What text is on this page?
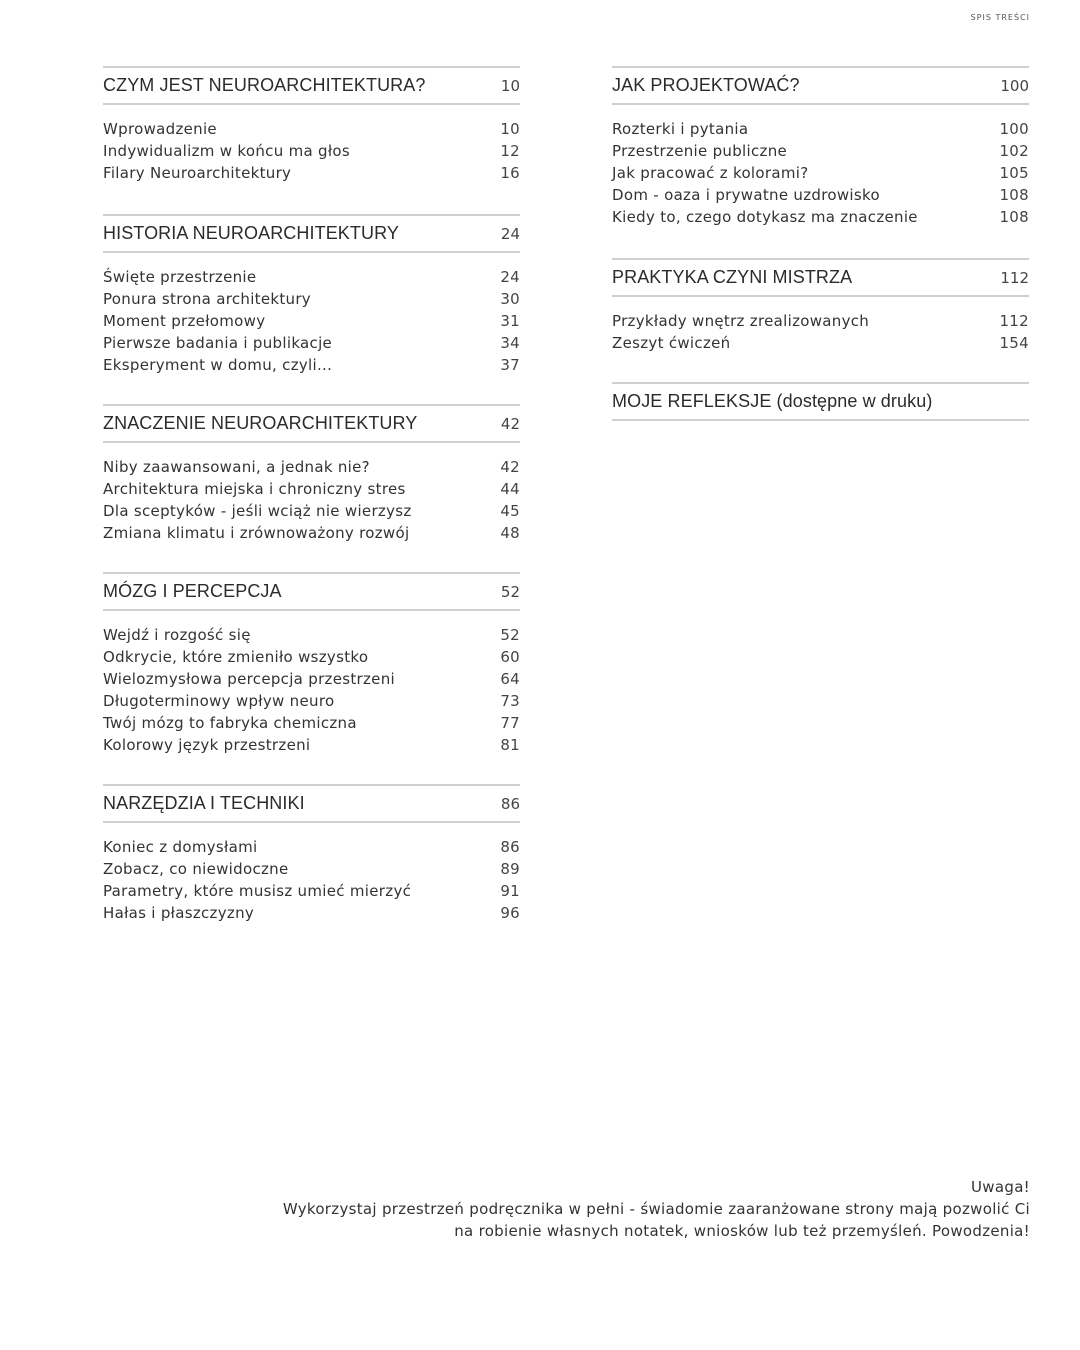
SPIS TREŚCI
CZYM JEST NEUROARCHITEKTURA?	10
Wprowadzenie	10
Indywidualizm w końcu ma głos	12
Filary Neuroarchitektury	16
HISTORIA NEUROARCHITEKTURY	24
Święte przestrzenie	24
Ponura strona architektury	30
Moment przełomowy	31
Pierwsze badania i publikacje	34
Eksperyment w domu, czyli...	37
ZNACZENIE NEUROARCHITEKTURY	42
Niby zaawansowani, a jednak nie?	42
Architektura miejska i chroniczny stres	44
Dla sceptyków - jeśli wciąż nie wierzysz	45
Zmiana klimatu i zrównoważony rozwój	48
MÓZG I PERCEPCJA	52
Wejdź i rozgość się	52
Odkrycie, które zmieniło wszystko	60
Wielozmysłowa percepcja przestrzeni	64
Długoterminowy wpływ neuro	73
Twój mózg to fabryka chemiczna	77
Kolorowy język przestrzeni	81
NARZĘDZIA I TECHNIKI	86
Koniec z domysłami	86
Zobacz, co niewidoczne	89
Parametry, które musisz umieć mierzyć	91
Hałas i płaszczyzny	96
JAK PROJEKTOWAĆ?	100
Rozterki i pytania	100
Przestrzenie publiczne	102
Jak pracować z kolorami?	105
Dom - oaza i prywatne uzdrowisko	108
Kiedy to, czego dotykasz ma znaczenie	108
PRAKTYKA CZYNI MISTRZA	112
Przykłady wnętrz zrealizowanych	112
Zeszyt ćwiczeń	154
MOJE REFLEKSJE (dostępne w druku)
Uwaga!
Wykorzystaj przestrzeń podręcznika w pełni - świadomie zaaranżowane strony mają pozwolić Ci
na robienie własnych notatek, wniosków lub też przemyśleń. Powodzenia!
